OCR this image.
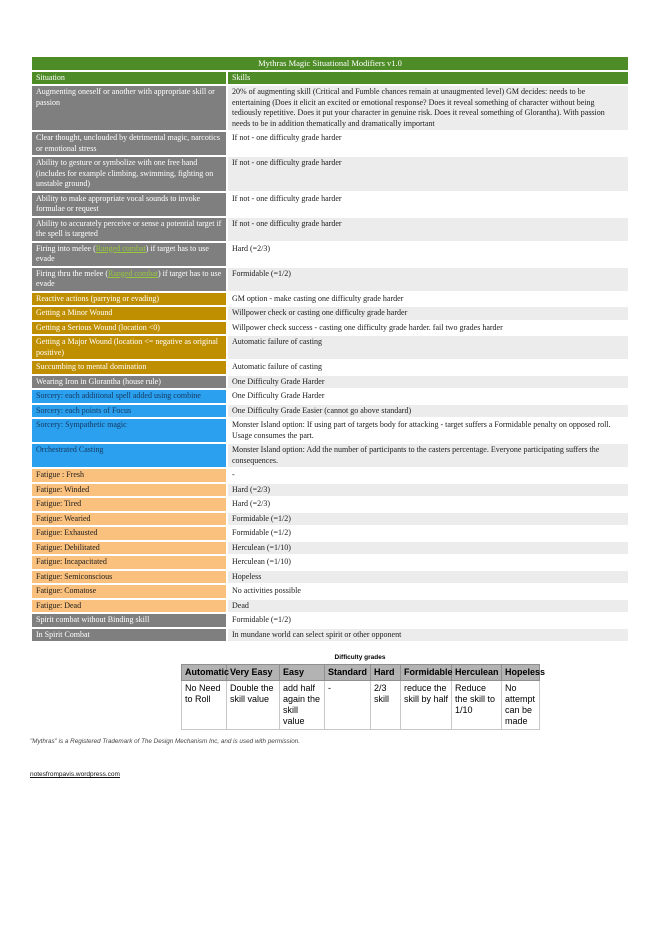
Mythras Magic Situational Modifiers v1.0	
Situation	Skills
Augmenting oneself or another with appropriate skill or passion	20% of augmenting skill (Critical and Fumble chances remain at unaugmented level) GM decides: needs to be entertaining (Does it elicit an excited or emotional response? Does it reveal something of character without being tediously repetitive. Does it put your character in genuine risk. Does it reveal something of Glorantha). With passion needs to be in addition thematically and dramatically important
Clear thought, unclouded by detrimental magic, narcotics or emotional stress	If not - one difficulty grade harder
Ability to gesture or symbolize with one free hand (includes for example climbing, swimming, fighting on unstable ground)	If not - one difficulty grade harder
Ability to make appropriate vocal sounds to invoke formulae or request	If not - one difficulty grade harder
Ability to accurately perceive or sense a potential target if the spell is targeted	If not - one difficulty grade harder
Firing into melee (Ranged combat) if target has to use evade	Hard (=2/3)
Firing thru the melee (Ranged combat) if target has to use evade	Formidable (=1/2)
Reactive actions (parrying or evading)	GM option - make casting one difficulty grade harder
Getting a Minor Wound	Willpower check or casting one difficulty grade harder
Getting a Serious Wound (location <0)	Willpower check success - casting one difficulty grade harder. fail two grades harder
Getting a Major Wound (location <= negative as original positive)	Automatic failure of casting
Succumbing to mental domination	Automatic failure of casting
Wearing Iron in Glorantha (house rule)	One Difficulty Grade Harder
Sorcery: each additional spell added using combine	One Difficulty Grade Harder
Sorcery: each points of Focus	One Difficulty Grade Easier (cannot go above standard)
Sorcery: Sympathetic magic	Monster Island option: If using part of targets body for attacking - target suffers a Formidable penalty on opposed roll. Usage consumes the part.
Orchestrated Casting	Monster Island option: Add the number of participants to the casters percentage. Everyone participating suffers the consequences.
Fatigue : Fresh	-
Fatigue: Winded	Hard (=2/3)
Fatigue: Tired	Hard (=2/3)
Fatigue: Wearied	Formidable (=1/2)
Fatigue: Exhausted	Formidable (=1/2)
Fatigue: Debilitated	Herculean (=1/10)
Fatigue: Incapacitated	Herculean (=1/10)
Fatigue: Semiconscious	Hopeless
Fatigue: Comatose	No activities possible
Fatigue: Dead	Dead
Spirit combat without Binding skill	Formidable (=1/2)
In Spirit Combat	In mundane world can select spirit or other opponent
Difficulty grades
Automatic	Very Easy	Easy	Standard	Hard	Formidable	Herculean	Hopeless
No Need to Roll	Double the skill value	add half again the skill value	-	2/3 skill	reduce the skill by half	Reduce the skill to 1/10	No attempt can be made
"Mythras" is a Registered Trademark of The Design Mechanism Inc, and is used with permission.

notesfrompavis.wordpress.com
